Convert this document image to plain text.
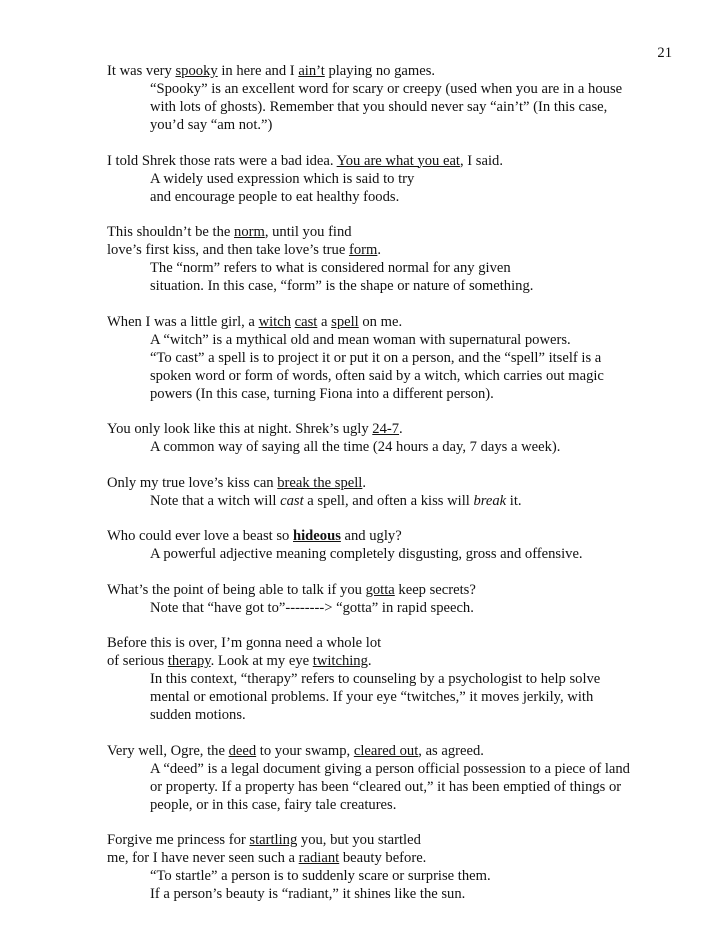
21
It was very spooky in here and I ain’t playing no games.
“Spooky” is an excellent word for scary or creepy (used when you are in a house
with lots of ghosts). Remember that you should never say “ain’t” (In this case,
you’d say “am not.”)
I told Shrek those rats were a bad idea. You are what you eat, I said.
A widely used expression which is said to try
and encourage people to eat healthy foods.
This shouldn’t be the norm, until you find
love’s first kiss, and then take love’s true form.
The “norm” refers to what is considered normal for any given
situation. In this case, “form” is the shape or nature of something.
When I was a little girl, a witch cast a spell on me.
A “witch” is a mythical old and mean woman with supernatural powers.
“To cast” a spell is to project it or put it on a person, and the “spell” itself is a
spoken word or form of words, often said by a witch, which carries out magic
powers (In this case, turning Fiona into a different person).
You only look like this at night. Shrek’s ugly 24-7.
A common way of saying all the time (24 hours a day, 7 days a week).
Only my true love’s kiss can break the spell.
Note that a witch will cast a spell, and often a kiss will break it.
Who could ever love a beast so hideous and ugly?
A powerful adjective meaning completely disgusting, gross and offensive.
What’s the point of being able to talk if you gotta keep secrets?
Note that “have got to”--------> “gotta” in rapid speech.
Before this is over, I’m gonna need a whole lot
of serious therapy. Look at my eye twitching.
In this context, “therapy” refers to counseling by a psychologist to help solve
mental or emotional problems. If your eye “twitches,” it moves jerkily, with
sudden motions.
Very well, Ogre, the deed to your swamp, cleared out, as agreed.
A “deed” is a legal document giving a person official possession to a piece of land
or property. If a property has been “cleared out,” it has been emptied of things or
people, or in this case, fairy tale creatures.
Forgive me princess for startling you, but you startled
me, for I have never seen such a radiant beauty before.
“To startle” a person is to suddenly scare or surprise them.
If a person’s beauty is “radiant,” it shines like the sun.
